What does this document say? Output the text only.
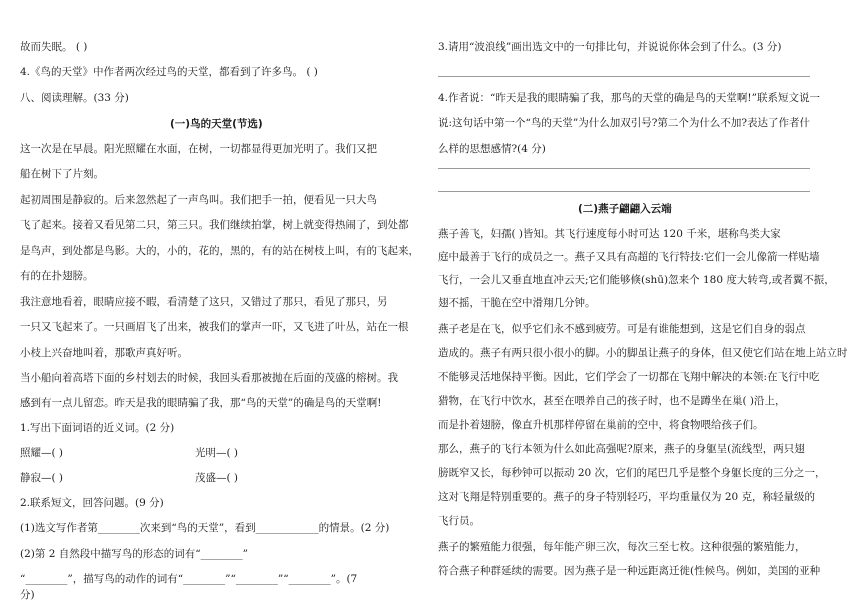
故而失眠。 ( )
4.《鸟的天堂》中作者两次经过鸟的天堂，都看到了许多鸟。 ( )
八、阅读理解。(33 分)
(一)鸟的天堂(节选)
这一次是在早晨。阳光照耀在水面，在树，一切都显得更加光明了。我们又把
船在树下了片刻。
起初周围是静寂的。后来忽然起了一声鸟叫。我们把手一拍，便看见一只大鸟
飞了起来。接着又看见第二只，第三只。我们继续拍掌，树上就变得热闹了，到处都
是鸟声，到处都是鸟影。大的，小的，花的，黑的，有的站在树枝上叫，有的飞起来，
有的在扑翅膀。
我注意地看着，眼睛应接不暇，看清楚了这只，又错过了那只，看见了那只，另
一只又飞起来了。一只画眉飞了出来，被我们的掌声一吓，又飞进了叶丛，站在一根
小枝上兴奋地叫着，那歌声真好听。
当小船向着高塔下面的乡村划去的时候，我回头看那被抛在后面的茂盛的榕树。我
感到有一点儿留恋。昨天是我的眼睛骗了我，那“鸟的天堂”的确是鸟的天堂啊!
1.写出下面词语的近义词。(2 分)
照耀—( )	光明—( )
静寂—( )	茂盛—( )
2.联系短文，回答问题。(9 分)
(1)选文写作者第________次来到“鸟的天堂”，看到____________的情景。(2 分)
(2)第 2 自然段中描写鸟的形态的词有“________”
“________”，描写鸟的动作的词有“________”“________”“________”。(7
分)
3.请用“波浪线”画出选文中的一句排比句，并说说你体会到了什么。(3 分)
4.作者说：“昨天是我的眼睛骗了我，那鸟的天堂的确是鸟的天堂啊!”联系短文说一
说:这句话中第一个“鸟的天堂”为什么加双引号?第二个为什么不加?表达了作者什
么样的思想感情?(4 分)
(二)燕子翩翩入云端
燕子善飞，妇孺( )皆知。其飞行速度每小时可达 120 千米，堪称鸟类大家
庭中最善于飞行的成员之一。燕子又具有高超的飞行特技:它们一会儿像箭一样贴墙
飞行，一会儿又垂直地直冲云天;它们能够倏(shū)忽来个 180 度大转弯,或者翼不振，
翅不摇，干脆在空中滑翔几分钟。
燕子老是在飞，似乎它们永不感到疲劳。可是有谁能想到，这是它们自身的弱点
造成的。燕子有两只很小很小的脚。小的脚虽让燕子的身体，但又使它们站在地上站立时
不能够灵活地保持平衡。因此，它们学会了一切都在飞翔中解决的本领:在飞行中吃
猎物，在飞行中饮水，甚至在喂养自己的孩子时，也不是蹲坐在巢( )沿上，
而是扑着翅膀，像直升机那样停留在巢前的空中，将食物喂给孩子们。
那么，燕子的飞行本领为什么如此高强呢?原来，燕子的身躯呈(流线型，两只翅
膀既窄又长，每秒钟可以振动 20 次，它们的尾巴几乎是整个身躯长度的三分之一，
这对飞翔是特别重要的。燕子的身子特别轻巧，平均重量仅为 20 克，称轻量级的
飞行员。
燕子的繁殖能力很强，每年能产卵三次，每次三至七枚。这种很强的繁殖能力，
符合燕子种群延续的需要。因为燕子是一种远距离迁徙(性候鸟。例如，美国的亚种
